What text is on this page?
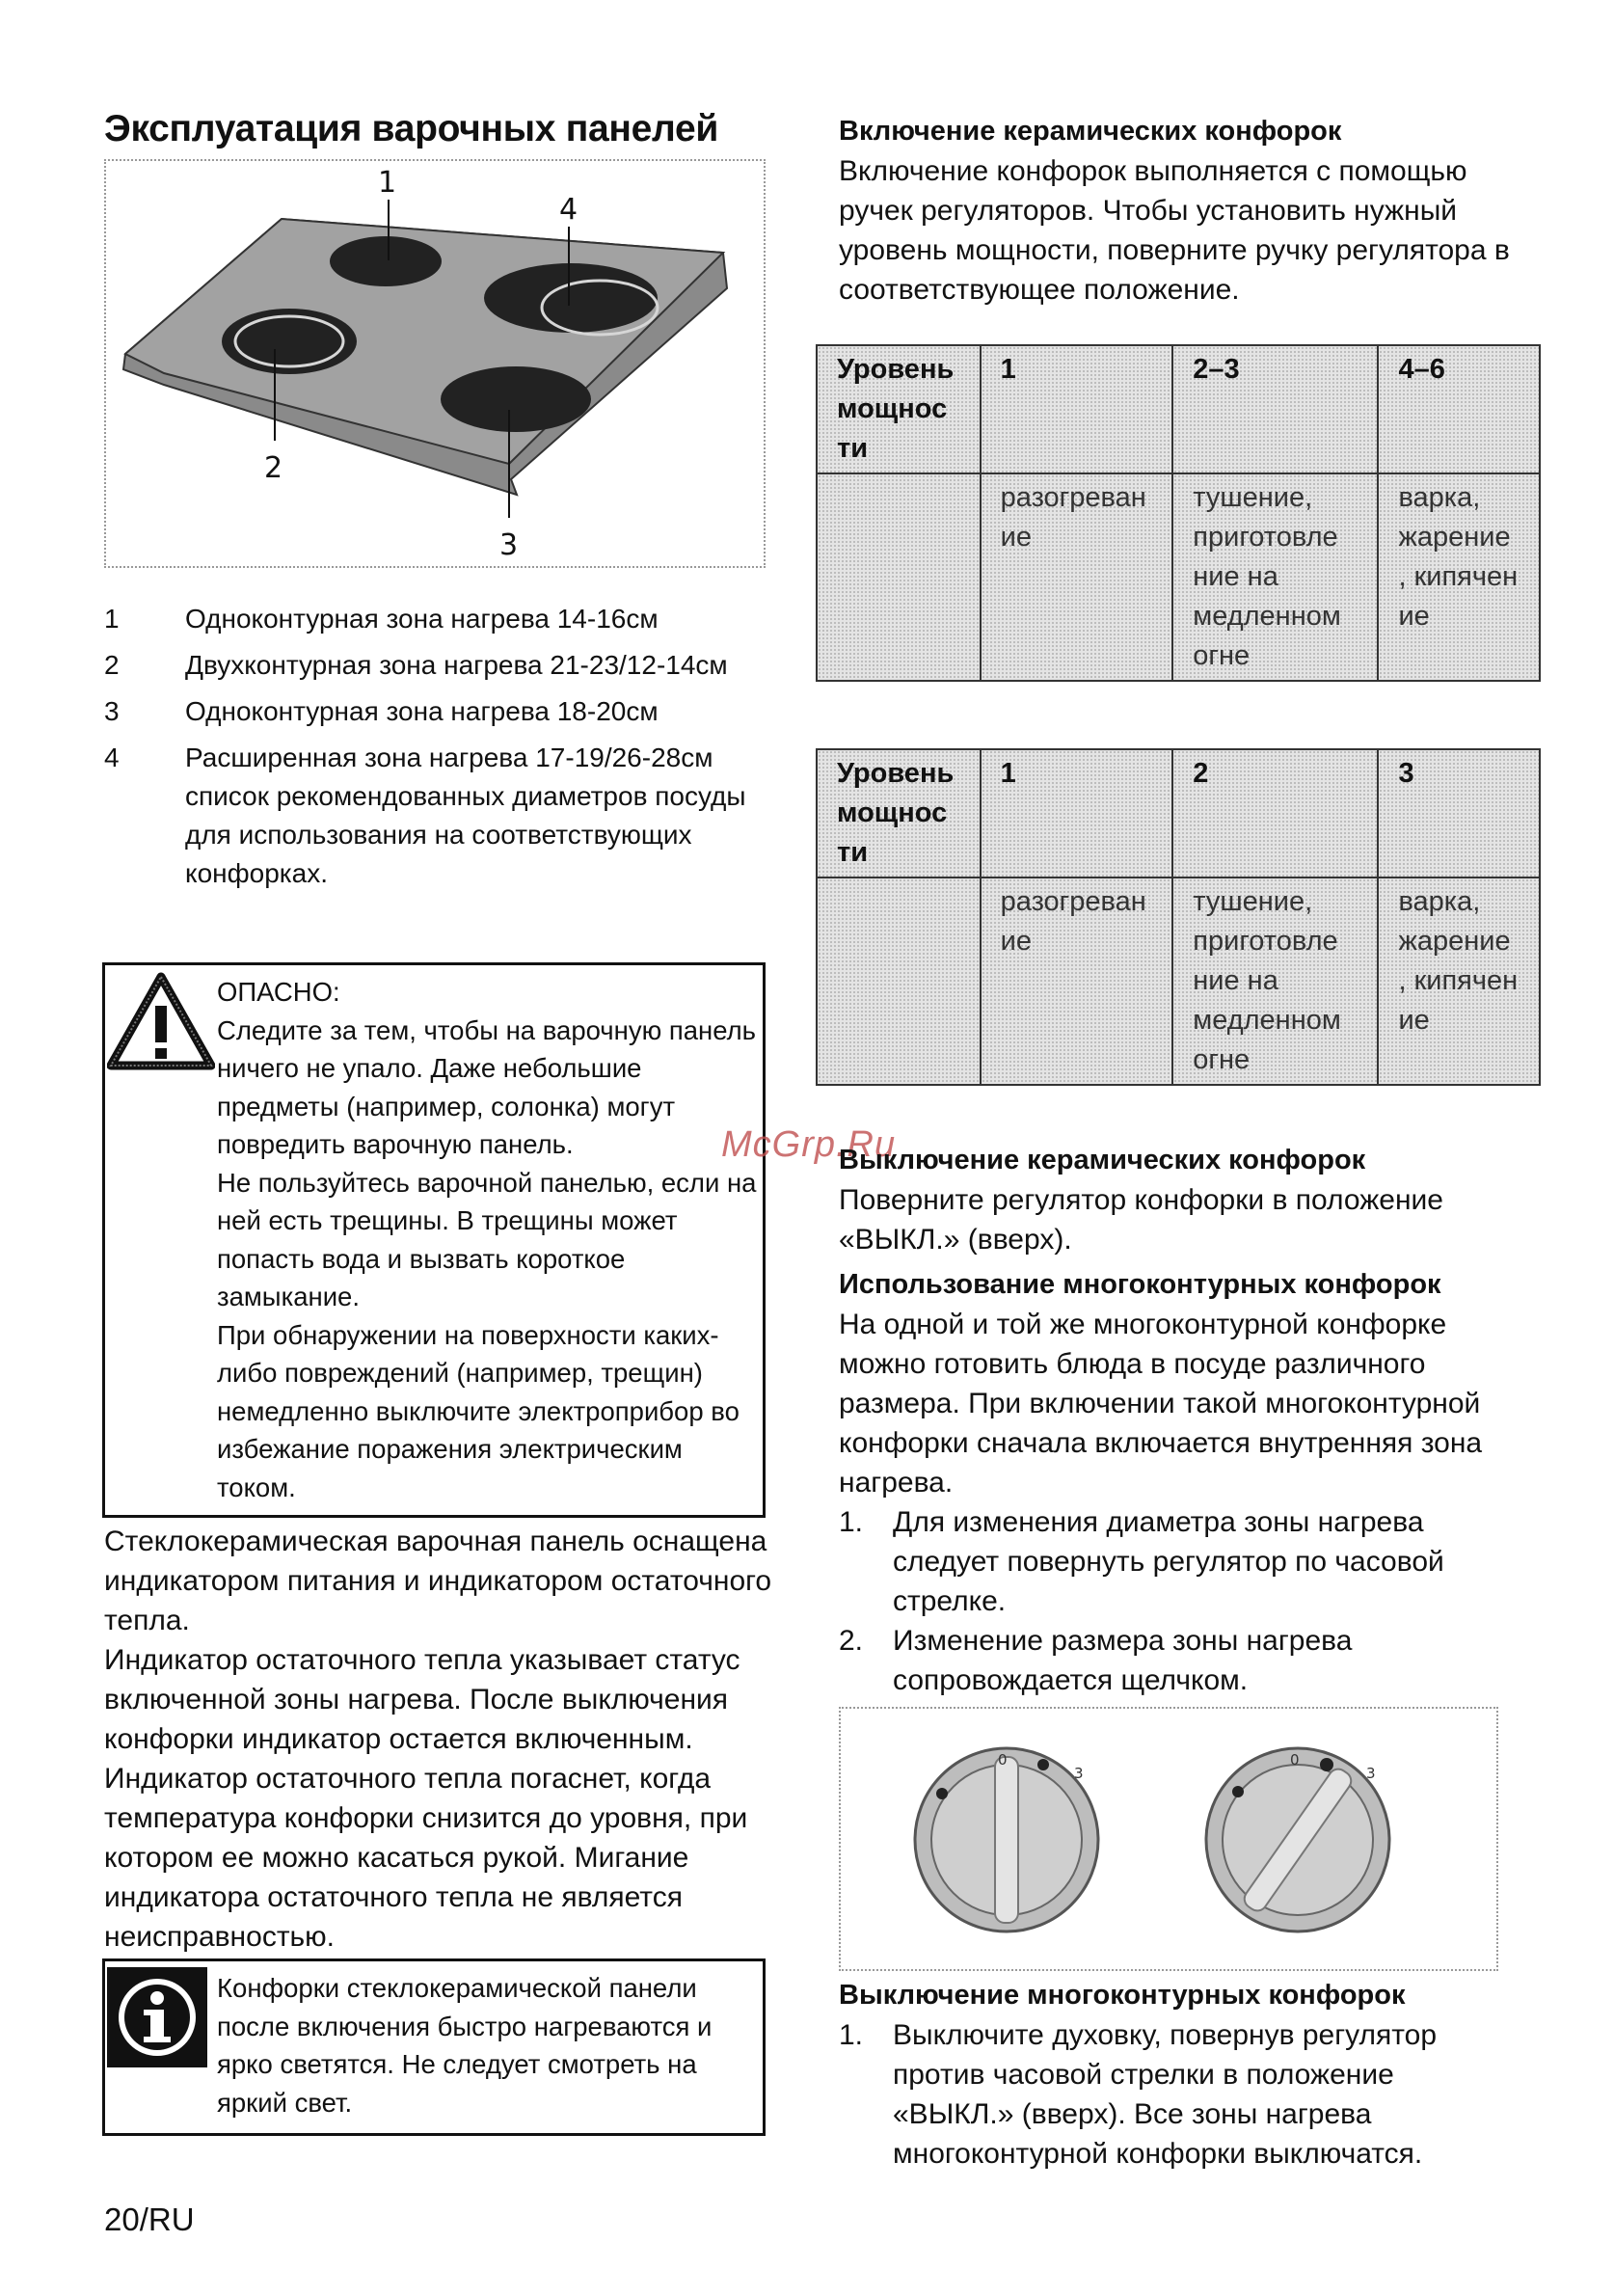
Эксплуатация варочных панелей
1
2
3
4
1	Одноконтурная зона нагрева 14-16см
2	Двухконтурная зона нагрева 21-23/12-14см
3	Одноконтурная зона нагрева 18-20см
4	Расширенная зона нагрева 17-19/26-28см список рекомендованных диаметров посуды для использования на соответствующих конфорках.
ОПАСНО:
Следите за тем, чтобы на варочную панель ничего не упало. Даже небольшие предметы (например, солонка) могут повредить варочную панель.
Не пользуйтесь варочной панелью, если на ней есть трещины. В трещины может попасть вода и вызвать короткое замыкание.
При обнаружении на поверхности каких-либо повреждений (например, трещин) немедленно выключите электроприбор во избежание поражения электрическим током.
Стеклокерамическая варочная панель оснащена индикатором питания и индикатором остаточного тепла.
Индикатор остаточного тепла указывает статус включенной зоны нагрева. После выключения конфорки индикатор остается включенным. Индикатор остаточного тепла погаснет, когда температура конфорки снизится до уровня, при котором ее можно касаться рукой. Мигание индикатора остаточного тепла не является неисправностью.
Конфорки стеклокерамической панели после включения быстро нагреваются и ярко светятся. Не следует смотреть на яркий свет.
20/RU
Включение керамических конфорок
Включение конфорок выполняется с помощью ручек регуляторов. Чтобы установить нужный уровень мощности, поверните ручку регулятора в соответствующее положение.
Уровень мощнос ти	1	2–3	4–6
	разогреван ие	тушение, приготовле ние на медленном огне	варка, жарение , кипячен ие
Уровень мощнос ти	1	2	3
	разогреван ие	тушение, приготовле ние на медленном огне	варка, жарение , кипячен ие
McGrp.Ru
Выключение керамических конфорок
Поверните регулятор конфорки в положение «ВЫКЛ.» (вверх).
Использование многоконтурных конфорок
На одной и той же многоконтурной конфорке можно готовить блюда в посуде различного размера. При включении такой многоконтурной конфорки сначала включается внутренняя зона нагрева.
1.	Для изменения диаметра зоны нагрева следует повернуть регулятор по часовой стрелке.
2.	Изменение размера зоны нагрева сопровождается щелчком.
0
3
0
3
Выключение многоконтурных конфорок
1.	Выключите духовку, повернув регулятор против часовой стрелки в положение «ВЫКЛ.» (вверх). Все зоны нагрева многоконтурной конфорки выключатся.
